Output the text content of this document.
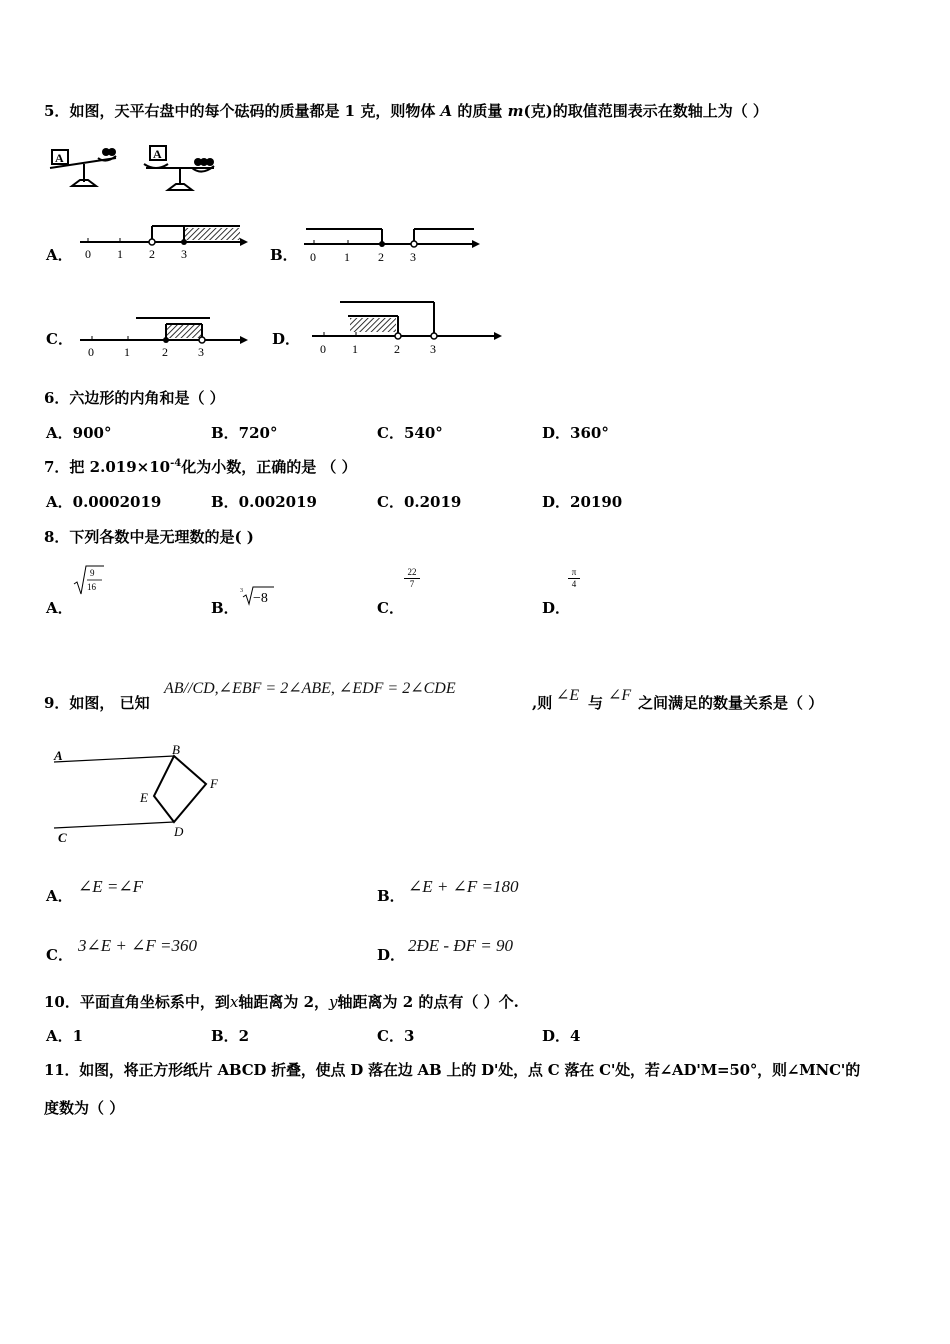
5．如图，天平右盘中的每个砝码的质量都是 1 克，则物体 A 的质量 m(克)的取值范围表示在数轴上为（ ）
A	A
A． 0 1 2 3	B． 0 1 2 3
C．
0	1	2	3
D．
0 1	2	3
6．六边形的内角和是（ ）
A．900°	B．720°	C．540°	D．360°
7．把 $2.019\times 10^{-4}$化为小数，正确的是 （ ）
A．0.0002019	B．0.002019	C．0.2019	D．20190
8．下列各数中是无理数的是( )
A．
9
16
B．
3 −8
C．
22
7
D．
π
4
9．如图， 已知
AB//CD,∠EBF = 2∠ABE, ∠EDF = 2∠CDE
,则 ∠E 与 ∠F 之间满足的数量关系是（ ）
A	B
C	D
E
F
A． ∠E =∠F	B． ∠E + ∠F =180
C． 3∠E + ∠F =360	D． 2ÐE - ÐF = 90
10．平面直角坐标系中，到x轴距离为 2，y轴距离为 2 的点有（ ）个.
A．1	B．2	C．3	D．4
11．如图，将正方形纸片 ABCD 折叠，使点 D 落在边 AB 上的 D'处，点 C 落在 C'处，若∠AD'M=50°，则∠MNC'的
度数为（ ）
